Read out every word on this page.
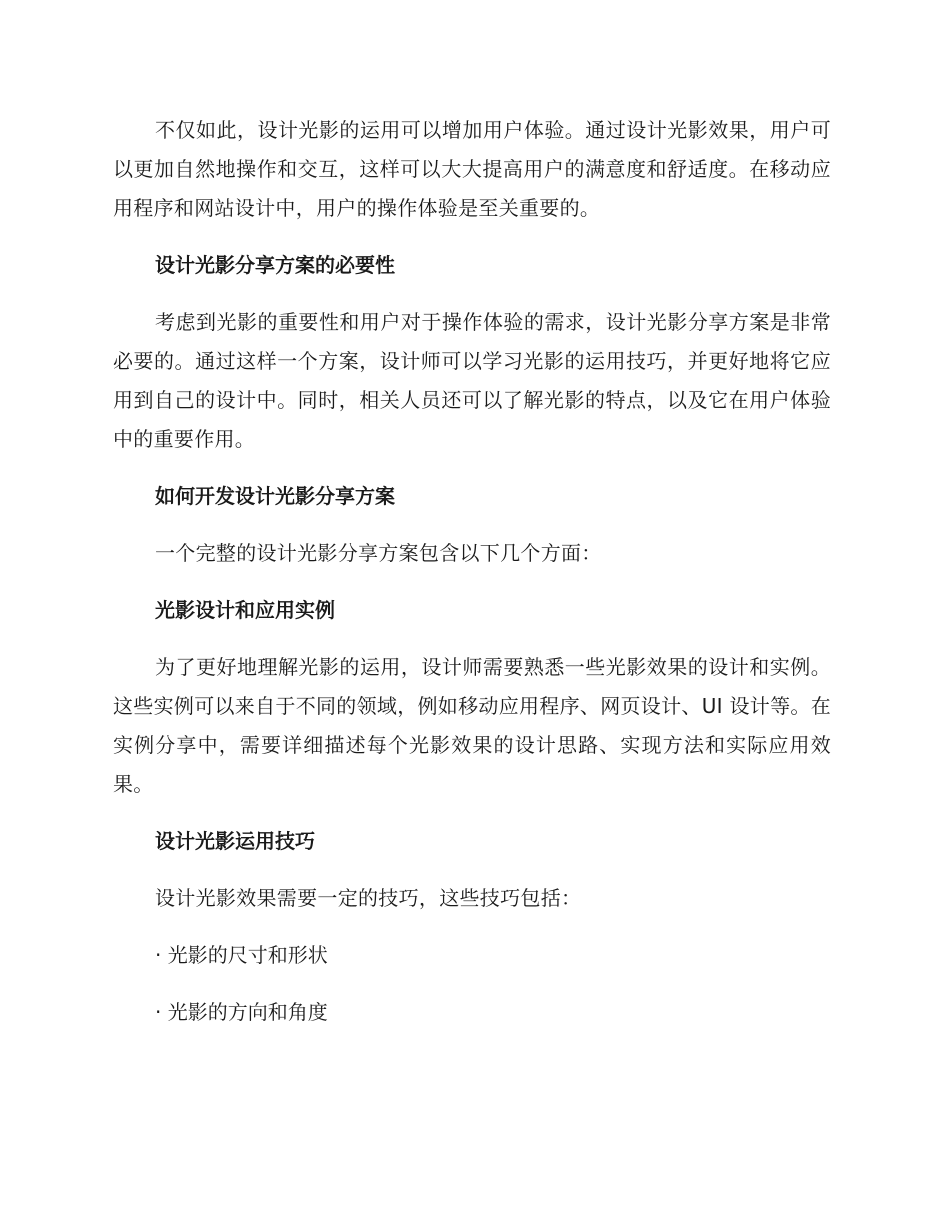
不仅如此，设计光影的运用可以增加用户体验。通过设计光影效果，用户可以更加自然地操作和交互，这样可以大大提高用户的满意度和舒适度。在移动应用程序和网站设计中，用户的操作体验是至关重要的。

设计光影分享方案的必要性

考虑到光影的重要性和用户对于操作体验的需求，设计光影分享方案是非常必要的。通过这样一个方案，设计师可以学习光影的运用技巧，并更好地将它应用到自己的设计中。同时，相关人员还可以了解光影的特点，以及它在用户体验中的重要作用。

如何开发设计光影分享方案

一个完整的设计光影分享方案包含以下几个方面：

光影设计和应用实例

为了更好地理解光影的运用，设计师需要熟悉一些光影效果的设计和实例。这些实例可以来自于不同的领域，例如移动应用程序、网页设计、UI 设计等。在实例分享中，需要详细描述每个光影效果的设计思路、实现方法和实际应用效果。

设计光影运用技巧

设计光影效果需要一定的技巧，这些技巧包括：

· 光影的尺寸和形状

· 光影的方向和角度
